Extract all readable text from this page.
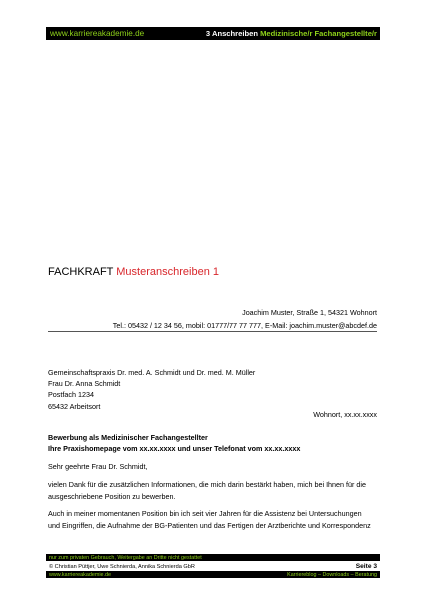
www.karriereakademie.de	3 Anschreiben Medizinische/r Fachangestellte/r
FACHKRAFT Musteranschreiben 1
Joachim Muster, Straße 1, 54321 Wohnort
Tel.: 05432 / 12 34 56, mobil: 01777/77 77 777, E-Mail: joachim.muster@abcdef.de
Gemeinschaftspraxis Dr. med. A. Schmidt und Dr. med. M. Müller
Frau Dr. Anna Schmidt
Postfach 1234
65432 Arbeitsort
Wohnort, xx.xx.xxxx
Bewerbung als Medizinischer Fachangestellter
Ihre Praxishomepage vom xx.xx.xxxx und unser Telefonat vom xx.xx.xxxx
Sehr geehrte Frau Dr. Schmidt,
vielen Dank für die zusätzlichen Informationen, die mich darin bestärkt haben, mich bei Ihnen für die
ausgeschriebene Position zu bewerben.
Auch in meiner momentanen Position bin ich seit vier Jahren für die Assistenz bei Untersuchungen
und Eingriffen, die Aufnahme der BG-Patienten und das Fertigen der Arztberichte und Korrespondenz
nur zum privaten Gebrauch, Weitergabe an Dritte nicht gestattet
© Christian Püttjer, Uwe Schnierda, Annika Schnierda GbR	Seite 3
www.karriereakademie.de	Karriereblog – Downloads – Beratung
